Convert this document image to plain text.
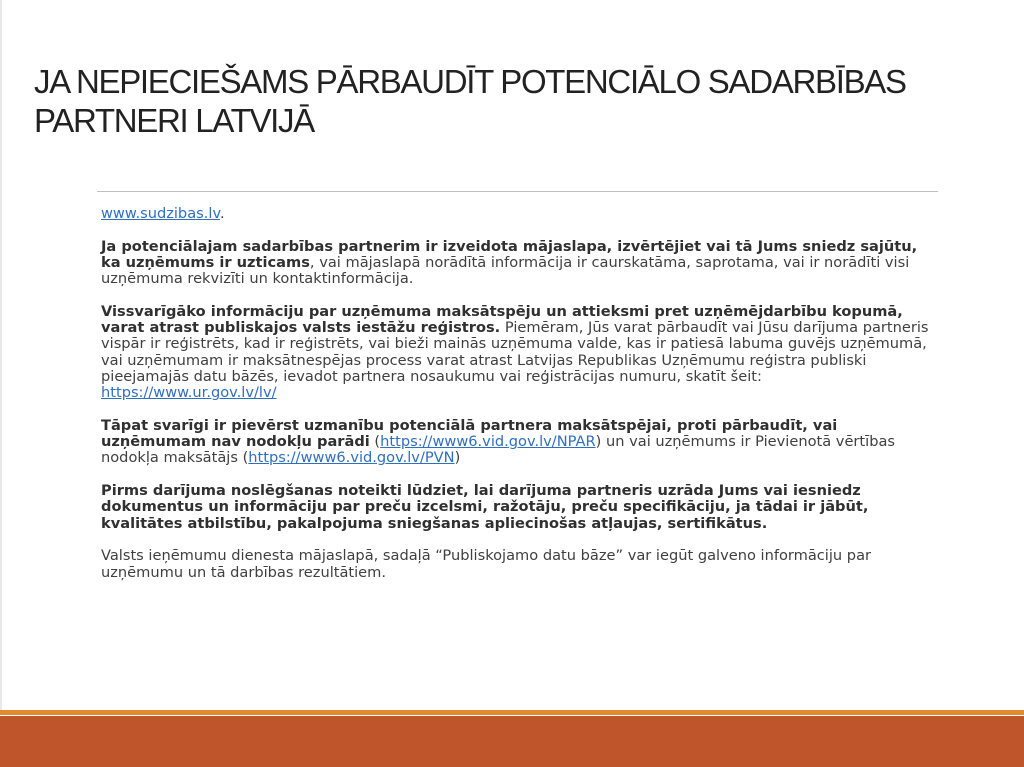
JA NEPIECIEŠAMS PĀRBAUDĪT POTENCIĀLO SADARBĪBAS PARTNERI LATVIJĀ

www.sudzibas.lv.

Ja potenciālajam sadarbības partnerim ir izveidota mājaslapa, izvērtējiet vai tā Jums sniedz sajūtu, ka uzņēmums ir uzticams, vai mājaslapā norādītā informācija ir caurskatāma, saprotama, vai ir norādīti visi uzņēmuma rekvizīti un kontaktinformācija.

Vissvarīgāko informāciju par uzņēmuma maksātspēju un attieksmi pret uzņēmējdarbību kopumā, varat atrast publiskajos valsts iestāžu reģistros. Piemēram, Jūs varat pārbaudīt vai Jūsu darījuma partneris vispār ir reģistrēts, kad ir reģistrēts, vai bieži mainās uzņēmuma valde, kas ir patiesā labuma guvējs uzņēmumā, vai uzņēmumam ir maksātnespējas process varat atrast Latvijas Republikas Uzņēmumu reģistra publiski pieejamajās datu bāzēs, ievadot partnera nosaukumu vai reģistrācijas numuru, skatīt šeit: https://www.ur.gov.lv/lv/

Tāpat svarīgi ir pievērst uzmanību potenciālā partnera maksātspējai, proti pārbaudīt, vai uzņēmumam nav nodokļu parādi (https://www6.vid.gov.lv/NPAR) un vai uzņēmums ir Pievienotā vērtības nodokļa maksātājs (https://www6.vid.gov.lv/PVN)

Pirms darījuma noslēgšanas noteikti lūdziet, lai darījuma partneris uzrāda Jums vai iesniedz dokumentus un informāciju par preču izcelsmi, ražotāju, preču specifikāciju, ja tādai ir jābūt, kvalitātes atbilstību, pakalpojuma sniegšanas apliecinošas atļaujas, sertifikātus.

Valsts ieņēmumu dienesta mājaslapā, sadaļā “Publiskojamo datu bāze” var iegūt galveno informāciju par uzņēmumu un tā darbības rezultātiem.
